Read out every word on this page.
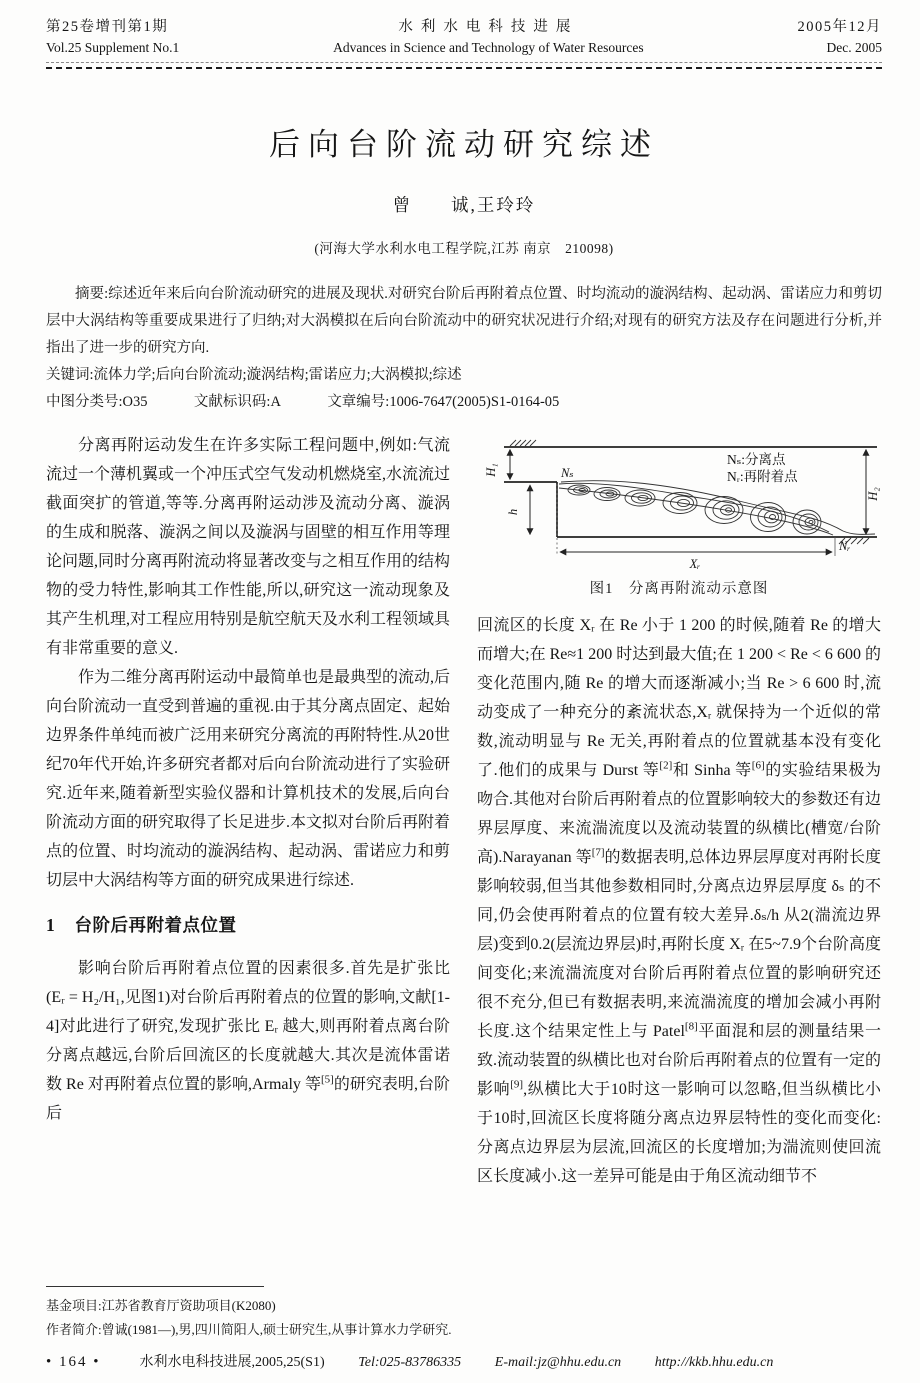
第25卷增刊第1期
Vol.25 Supplement No.1
水利水电科技进展
Advances in Science and Technology of Water Resources
2005年12月
Dec. 2005
后向台阶流动研究综述
曾　　诚,王玲玲
(河海大学水利水电工程学院,江苏 南京　210098)

摘要:综述近年来后向台阶流动研究的进展及现状.对研究台阶后再附着点位置、时均流动的漩涡结构、起动涡、雷诺应力和剪切层中大涡结构等重要成果进行了归纳;对大涡模拟在后向台阶流动中的研究状况进行介绍;对现有的研究方法及存在问题进行分析,并指出了进一步的研究方向.

关键词:流体力学;后向台阶流动;漩涡结构;雷诺应力;大涡模拟;综述

中图分类号:O35	文献标识码:A	文章编号:1006-7647(2005)S1-0164-05

分离再附运动发生在许多实际工程问题中,例如:气流流过一个薄机翼或一个冲压式空气发动机燃烧室,水流流过截面突扩的管道,等等.分离再附运动涉及流动分离、漩涡的生成和脱落、漩涡之间以及漩涡与固壁的相互作用等理论问题,同时分离再附流动将显著改变与之相互作用的结构物的受力特性,影响其工作性能,所以,研究这一流动现象及其产生机理,对工程应用特别是航空航天及水利工程领域具有非常重要的意义.

作为二维分离再附运动中最简单也是最典型的流动,后向台阶流动一直受到普遍的重视.由于其分离点固定、起始边界条件单纯而被广泛用来研究分离流的再附特性.从20世纪70年代开始,许多研究者都对后向台阶流动进行了实验研究.近年来,随着新型实验仪器和计算机技术的发展,后向台阶流动方面的研究取得了长足进步.本文拟对台阶后再附着点的位置、时均流动的漩涡结构、起动涡、雷诺应力和剪切层中大涡结构等方面的研究成果进行综述.

1 台阶后再附着点位置

影响台阶后再附着点位置的因素很多.首先是扩张比(Eᵣ = H₂/H₁,见图1)对台阶后再附着点的位置的影响,文献[1-4]对此进行了研究,发现扩张比 Eᵣ 越大,则再附着点离台阶分离点越远,台阶后回流区的长度就越大.其次是流体雷诺数 Re 对再附着点位置的影响,Armaly 等[5]的研究表明,台阶后

H₁
h
H₂
Xᵣ
Nₛ
Nᵣ
Nₛ:分离点
Nᵣ:再附着点
图1　分离再附流动示意图

回流区的长度 Xᵣ 在 Re 小于 1 200 的时候,随着 Re 的增大而增大;在 Re≈1 200 时达到最大值;在 1 200 < Re < 6 600 的变化范围内,随 Re 的增大而逐渐减小;当 Re > 6 600 时,流动变成了一种充分的紊流状态,Xᵣ 就保持为一个近似的常数,流动明显与 Re 无关,再附着点的位置就基本没有变化了.他们的成果与 Durst 等[2]和 Sinha 等[6]的实验结果极为吻合.其他对台阶后再附着点的位置影响较大的参数还有边界层厚度、来流湍流度以及流动装置的纵横比(槽宽/台阶高).Narayanan 等[7]的数据表明,总体边界层厚度对再附长度影响较弱,但当其他参数相同时,分离点边界层厚度 δₛ 的不同,仍会使再附着点的位置有较大差异.δₛ/h 从2(湍流边界层)变到0.2(层流边界层)时,再附长度 Xᵣ 在5~7.9个台阶高度间变化;来流湍流度对台阶后再附着点位置的影响研究还很不充分,但已有数据表明,来流湍流度的增加会减小再附长度.这个结果定性上与 Patel[8]平面混和层的测量结果一致.流动装置的纵横比也对台阶后再附着点的位置有一定的影响[9],纵横比大于10时这一影响可以忽略,但当纵横比小于10时,回流区长度将随分离点边界层特性的变化而变化:分离点边界层为层流,回流区的长度增加;为湍流则使回流区长度减小.这一差异可能是由于角区流动细节不

基金项目:江苏省教育厅资助项目(K2080)
作者简介:曾诚(1981—),男,四川简阳人,硕士研究生,从事计算水力学研究.
• 164 •	水利水电科技进展,2005,25(S1) Tel:025-83786335 E-mail:jz@hhu.edu.cn http://kkb.hhu.edu.cn
